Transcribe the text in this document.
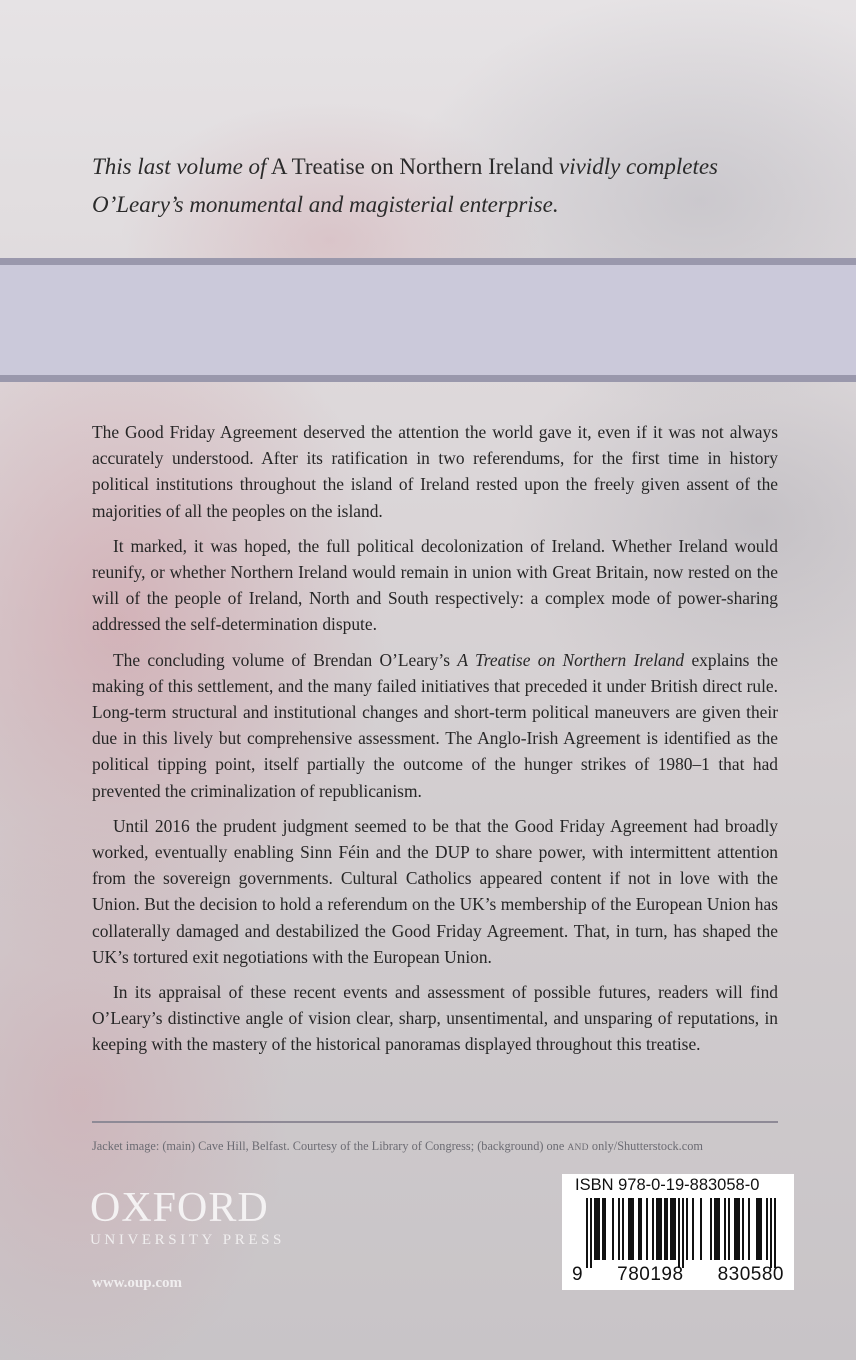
This last volume of A Treatise on Northern Ireland vividly completes O’Leary’s monumental and magisterial enterprise.

The Good Friday Agreement deserved the attention the world gave it, even if it was not always accurately understood. After its ratification in two referendums, for the first time in history political institutions throughout the island of Ireland rested upon the freely given assent of the majorities of all the peoples on the island.

It marked, it was hoped, the full political decolonization of Ireland. Whether Ireland would reunify, or whether Northern Ireland would remain in union with Great Britain, now rested on the will of the people of Ireland, North and South respectively: a complex mode of power-sharing addressed the self-determination dispute.

The concluding volume of Brendan O’Leary’s A Treatise on Northern Ireland explains the making of this settlement, and the many failed initiatives that preceded it under British direct rule. Long-term structural and institutional changes and short-term political maneuvers are given their due in this lively but comprehensive assessment. The Anglo-Irish Agreement is identified as the political tipping point, itself partially the outcome of the hunger strikes of 1980–1 that had prevented the criminalization of republicanism.

Until 2016 the prudent judgment seemed to be that the Good Friday Agreement had broadly worked, eventually enabling Sinn Féin and the DUP to share power, with intermittent attention from the sovereign governments. Cultural Catholics appeared content if not in love with the Union. But the decision to hold a referendum on the UK’s membership of the European Union has collaterally damaged and destabilized the Good Friday Agreement. That, in turn, has shaped the UK’s tortured exit negotiations with the European Union.

In its appraisal of these recent events and assessment of possible futures, readers will find O’Leary’s distinctive angle of vision clear, sharp, unsentimental, and unsparing of reputations, in keeping with the mastery of the historical panoramas displayed throughout this treatise.

Jacket image: (main) Cave Hill, Belfast. Courtesy of the Library of Congress; (background) one AND only/Shutterstock.com
OXFORD
UNIVERSITY PRESS
www.oup.com
ISBN 978-0-19-883058-0
9 780198 830580
